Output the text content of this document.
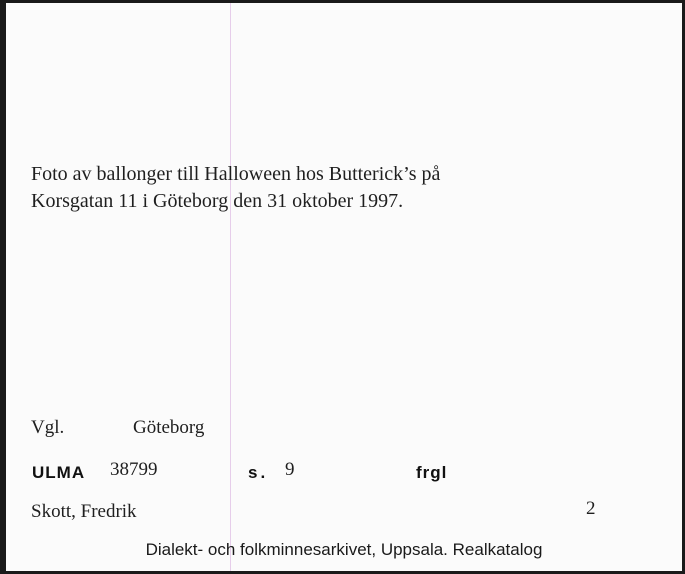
Foto av ballonger till Halloween hos Butterick’s på
Korsgatan 11 i Göteborg den 31 oktober 1997.
Vgl.	Göteborg
ULMA 38799	s. 9	frgl
Skott, Fredrik	2
Dialekt- och folkminnesarkivet, Uppsala. Realkatalog
